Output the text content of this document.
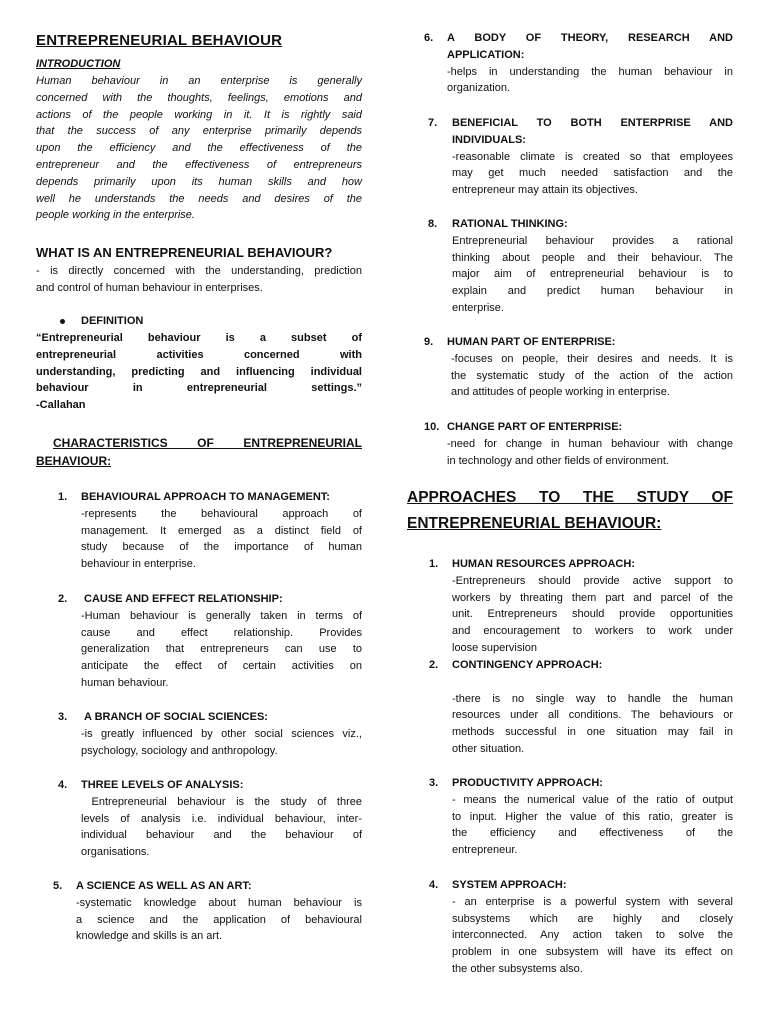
ENTREPRENEURIAL BEHAVIOUR
INTRODUCTION

Human behaviour in an enterprise is generally

concerned with the thoughts, feelings, emotions and

actions of the people working in it. It is rightly said

that the success of any enterprise primarily depends

upon the efficiency and the effectiveness of the

entrepreneur and the effectiveness of entrepreneurs

depends primarily upon its human skills and how

well he understands the needs and desires of the

people working in the enterprise.

WHAT IS AN ENTREPRENEURIAL BEHAVIOUR?

- is directly concerned with the understanding, prediction

and control of human behaviour in enterprises.

DEFINITION

“Entrepreneurial behaviour is a subset of

entrepreneurial activities concerned with

understanding, predicting and influencing individual

behaviour in entrepreneurial settings.”

-Callahan

CHARACTERISTICS OF ENTREPRENEURIAL

BEHAVIOUR:

1. BEHAVIOURAL APPROACH TO MANAGEMENT:

-represents the behavioural approach of

management. It emerged as a distinct field of

study because of the importance of human

behaviour in enterprise.

2. CAUSE AND EFFECT RELATIONSHIP:

-Human behaviour is generally taken in terms of

cause and effect relationship. Provides

generalization that entrepreneurs can use to

anticipate the effect of certain activities on

human behaviour.

3. A BRANCH OF SOCIAL SCIENCES:

-is greatly influenced by other social sciences viz.,

psychology, sociology and anthropology.

4. THREE LEVELS OF ANALYSIS:

Entrepreneurial behaviour is the study of three

levels of analysis i.e. individual behaviour, inter-

individual behaviour and the behaviour of

organisations.

5. A SCIENCE AS WELL AS AN ART:

-systematic knowledge about human behaviour is

a science and the application of behavioural

knowledge and skills is an art.

6. A BODY OF THEORY, RESEARCH AND

APPLICATION:

-helps in understanding the human behaviour in

organization.

7. BENEFICIAL TO BOTH ENTERPRISE AND

INDIVIDUALS:

-reasonable climate is created so that employees

may get much needed satisfaction and the

entrepreneur may attain its objectives.

8. RATIONAL THINKING:

Entrepreneurial behaviour provides a rational

thinking about people and their behaviour. The

major aim of entrepreneurial behaviour is to

explain and predict human behaviour in

enterprise.

9. HUMAN PART OF ENTERPRISE:

-focuses on people, their desires and needs. It is

the systematic study of the action of the action

and attitudes of people working in enterprise.

10. CHANGE PART OF ENTERPRISE:

-need for change in human behaviour with change

in technology and other fields of environment.

APPROACHES TO THE STUDY OF

ENTREPRENEURIAL BEHAVIOUR:

1. HUMAN RESOURCES APPROACH:

-Entrepreneurs should provide active support to

workers by threating them part and parcel of the

unit. Entrepreneurs should provide opportunities

and encouragement to workers to work under

loose supervision

2. CONTINGENCY APPROACH:

-there is no single way to handle the human

resources under all conditions. The behaviours or

methods successful in one situation may fail in

other situation.

3. PRODUCTIVITY APPROACH:

- means the numerical value of the ratio of output

to input. Higher the value of this ratio, greater is

the efficiency and effectiveness of the

entrepreneur.

4. SYSTEM APPROACH:

- an enterprise is a powerful system with several

subsystems which are highly and closely

interconnected. Any action taken to solve the

problem in one subsystem will have its effect on

the other subsystems also.
